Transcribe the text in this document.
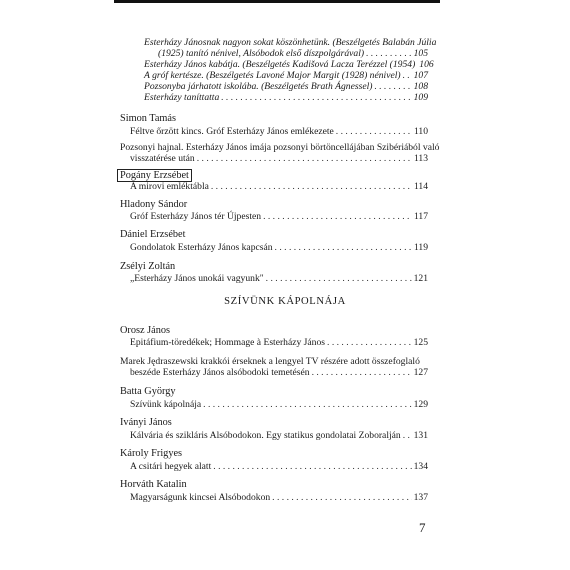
Esterházy Jánosnak nagyon sokat köszönhetünk. (Beszélgetés Balabán Júlia
(1925) tanító nénivel, Alsóbodok első díszpolgárával) . . .	105
Esterházy János kabátja. (Beszélgetés Kadišová Lacza Terézzel (1954) 106
A gróf kertésze. (Beszélgetés Lavoné Major Margit (1928) nénivel) . . . 107
Pozsonyba járhatott iskolába. (Beszélgetés Brath Ágnessel) . . .	108
Esterházy taníttatta . . .	109
Simon Tamás
Féltve őrzött kincs. Gróf Esterházy János emlékezete . . .	110
Pozsonyi hajnal. Esterházy János imája pozsonyi börtöncellájában Szibériából való
visszatérése után . . .	113
Pogány Erzsébet
A mirovi emléktábla . . .	114
Hladony Sándor
Gróf Esterházy János tér Újpesten . . .	117
Dániel Erzsébet
Gondolatok Esterházy János kapcsán . . .	119
Zsélyi Zoltán
„Esterházy János unokái vagyunk" . . .	121
SZÍVÜNK KÁPOLNÁJA
Orosz János
Epitáfium-töredékek; Hommage à Esterházy János . . .	125
Marek Jędraszewski krakkói érseknek a lengyel TV részére adott összefoglaló
beszéde Esterházy János alsóbodoki temetésén . . .	127
Batta György
Szívünk kápolnája . . .	129
Iványi János
Kálvária és szikláris Alsóbodokon. Egy statikus gondolatai Zoboralján . . . 131
Károly Frigyes
A csitári hegyek alatt . . .	134
Horváth Katalin
Magyarságunk kincsei Alsóbodokon . . .	137
7
